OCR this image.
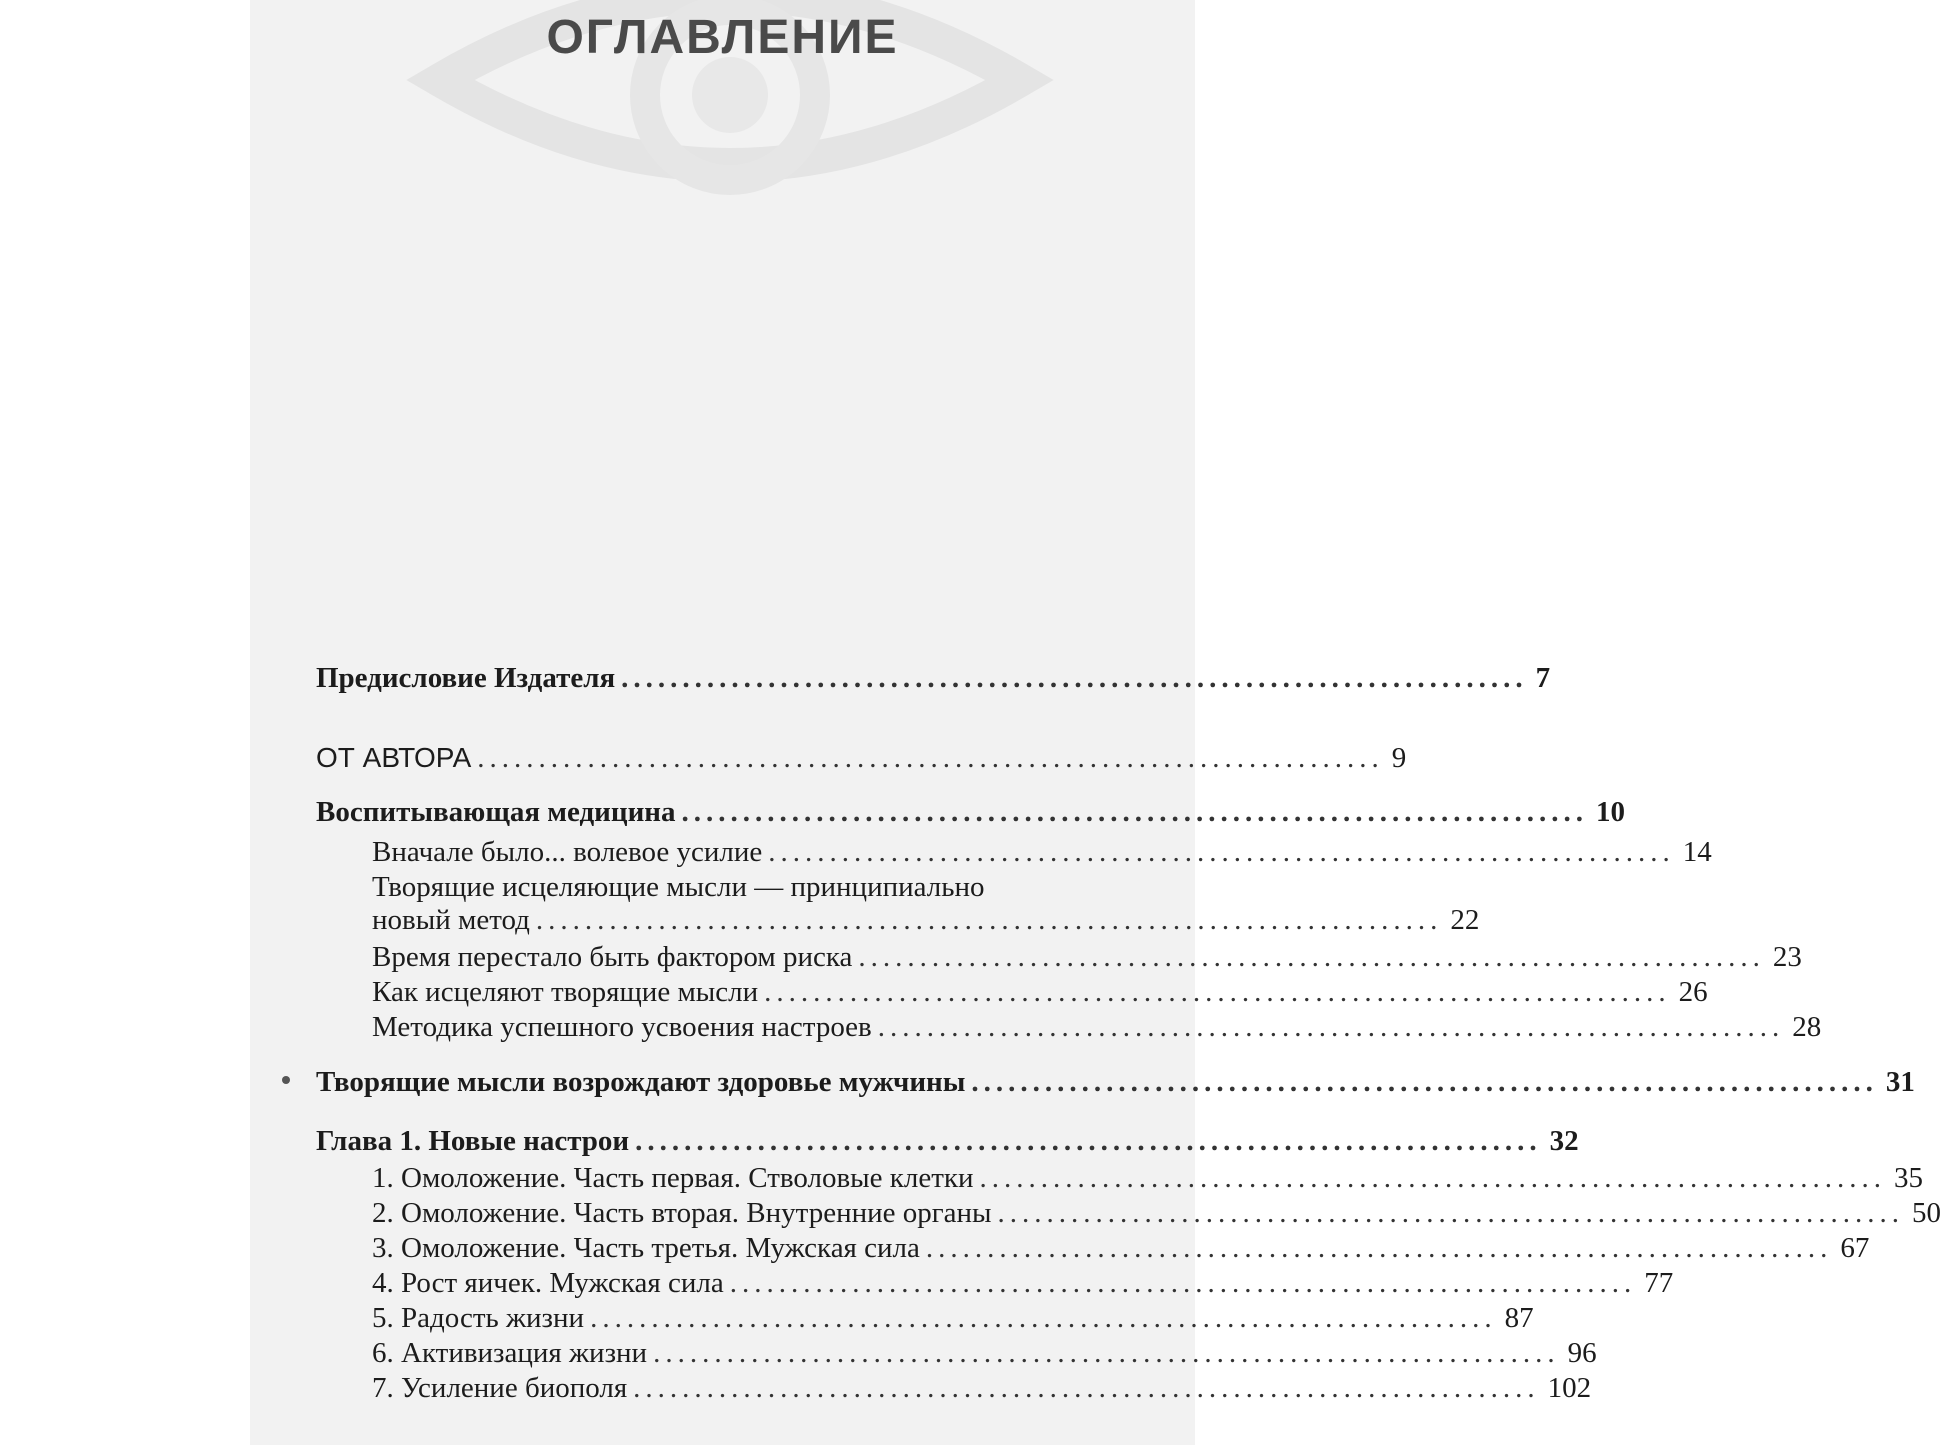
ОГЛАВЛЕНИЕ
Предисловие Издателя .......................................................................... 7
ОТ АВТОРА .......................................................................... 9
Воспитывающая медицина .......................................................................... 10
Вначале было... волевое усилие .......................................................................... 14
Творящие исцеляющие мысли — принципиально
новый метод .......................................................................... 22
Время перестало быть фактором риска .......................................................................... 23
Как исцеляют творящие мысли .......................................................................... 26
Методика успешного усвоения настроев .......................................................................... 28
Творящие мысли возрождают здоровье мужчины .......................................................................... 31
Глава 1. Новые настрои .......................................................................... 32
1. Омоложение. Часть первая. Стволовые клетки .......................................................................... 35
2. Омоложение. Часть вторая. Внутренние органы .......................................................................... 50
3. Омоложение. Часть третья. Мужская сила .......................................................................... 67
4. Рост яичек. Мужская сила .......................................................................... 77
5. Радость жизни .......................................................................... 87
6. Активизация жизни .......................................................................... 96
7. Усиление биополя .......................................................................... 102
